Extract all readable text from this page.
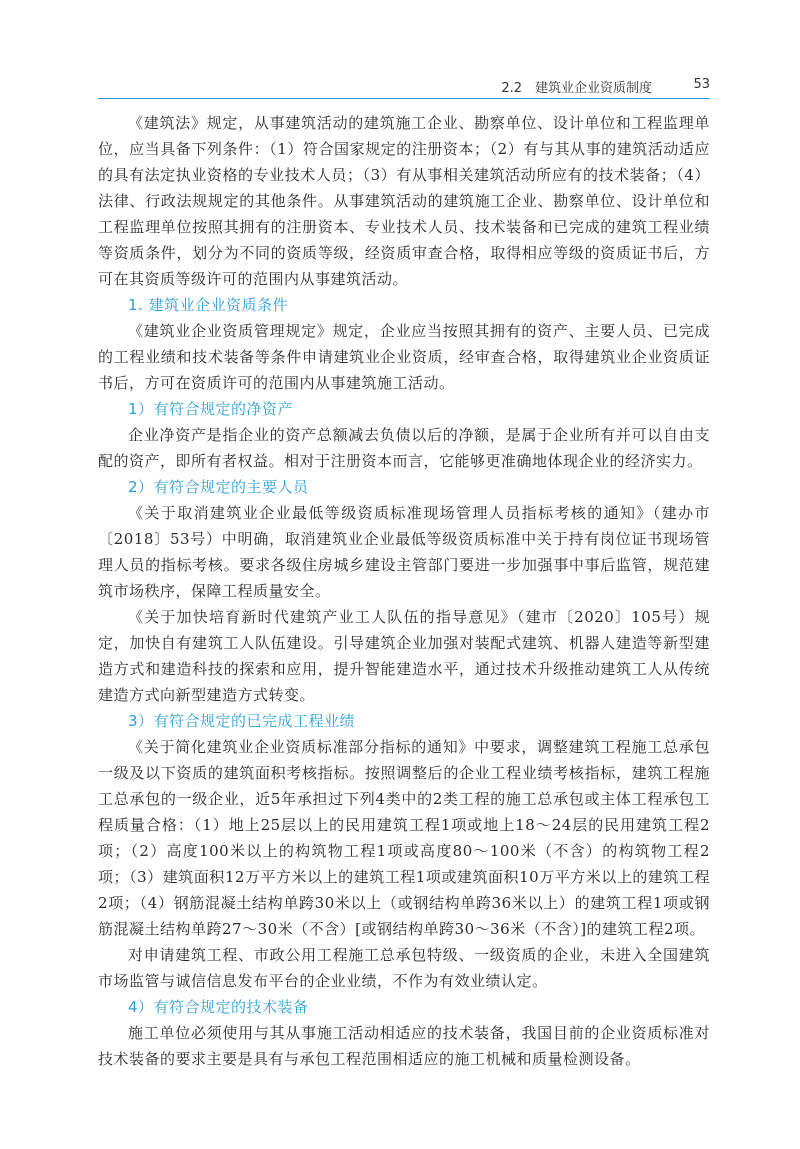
2.2　建筑业企业资质制度	53

《建筑法》规定，从事建筑活动的建筑施工企业、勘察单位、设计单位和工程监理单位，应当具备下列条件：（1）符合国家规定的注册资本；（2）有与其从事的建筑活动适应的具有法定执业资格的专业技术人员；（3）有从事相关建筑活动所应有的技术装备；（4）法律、行政法规规定的其他条件。从事建筑活动的建筑施工企业、勘察单位、设计单位和工程监理单位按照其拥有的注册资本、专业技术人员、技术装备和已完成的建筑工程业绩等资质条件，划分为不同的资质等级，经资质审查合格，取得相应等级的资质证书后，方可在其资质等级许可的范围内从事建筑活动。

1. 建筑业企业资质条件

《建筑业企业资质管理规定》规定，企业应当按照其拥有的资产、主要人员、已完成的工程业绩和技术装备等条件申请建筑业企业资质，经审查合格，取得建筑业企业资质证书后，方可在资质许可的范围内从事建筑施工活动。

1）有符合规定的净资产

企业净资产是指企业的资产总额减去负债以后的净额，是属于企业所有并可以自由支配的资产，即所有者权益。相对于注册资本而言，它能够更准确地体现企业的经济实力。

2）有符合规定的主要人员

《关于取消建筑业企业最低等级资质标准现场管理人员指标考核的通知》（建办市〔2018〕53号）中明确，取消建筑业企业最低等级资质标准中关于持有岗位证书现场管理人员的指标考核。要求各级住房城乡建设主管部门要进一步加强事中事后监管，规范建筑市场秩序，保障工程质量安全。

《关于加快培育新时代建筑产业工人队伍的指导意见》（建市〔2020〕105号）规定，加快自有建筑工人队伍建设。引导建筑企业加强对装配式建筑、机器人建造等新型建造方式和建造科技的探索和应用，提升智能建造水平，通过技术升级推动建筑工人从传统建造方式向新型建造方式转变。

3）有符合规定的已完成工程业绩

《关于简化建筑业企业资质标准部分指标的通知》中要求，调整建筑工程施工总承包一级及以下资质的建筑面积考核指标。按照调整后的企业工程业绩考核指标，建筑工程施工总承包的一级企业，近5年承担过下列4类中的2类工程的施工总承包或主体工程承包工程质量合格：（1）地上25层以上的民用建筑工程1项或地上18～24层的民用建筑工程2项；（2）高度100米以上的构筑物工程1项或高度80～100米（不含）的构筑物工程2项；（3）建筑面积12万平方米以上的建筑工程1项或建筑面积10万平方米以上的建筑工程2项；（4）钢筋混凝土结构单跨30米以上（或钢结构单跨36米以上）的建筑工程1项或钢筋混凝土结构单跨27～30米（不含）[或钢结构单跨30～36米（不含）]的建筑工程2项。

对申请建筑工程、市政公用工程施工总承包特级、一级资质的企业，未进入全国建筑市场监管与诚信信息发布平台的企业业绩，不作为有效业绩认定。

4）有符合规定的技术装备

施工单位必须使用与其从事施工活动相适应的技术装备，我国目前的企业资质标准对技术装备的要求主要是具有与承包工程范围相适应的施工机械和质量检测设备。
